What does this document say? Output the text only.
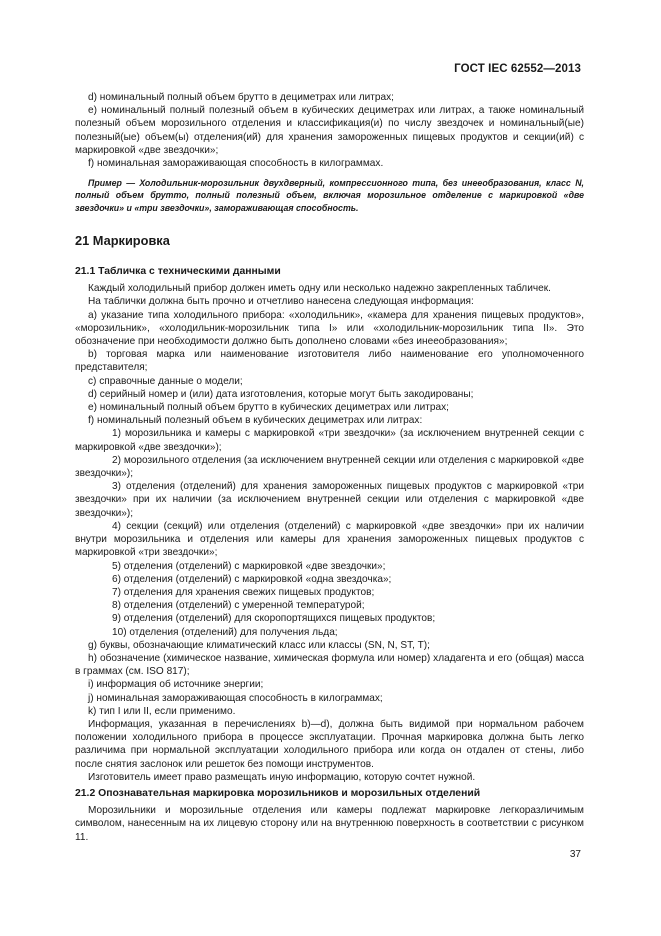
ГОСТ IEC 62552—2013

d) номинальный полный объем брутто в дециметрах или литрах;

e) номинальный полный полезный объем в кубических дециметрах или литрах, а также номинальный полезный объем морозильного отделения и классификация(и) по числу звездочек и номинальный(ые) полезный(ые) объем(ы) отделения(ий) для хранения замороженных пищевых продуктов и секции(ий) с маркировкой «две звездочки»;

f) номинальная замораживающая способность в килограммах.

Пример — Холодильник-морозильник двухдверный, компрессионного типа, без инееобразования, класс N, полный объем брутто, полный полезный объем, включая морозильное отделение с маркировкой «две звездочки» и «три звездочки», замораживающая способность.

21 Маркировка
21.1 Табличка с техническими данными

Каждый холодильный прибор должен иметь одну или несколько надежно закрепленных табличек.

На таблички должна быть прочно и отчетливо нанесена следующая информация:

a) указание типа холодильного прибора: «холодильник», «камера для хранения пищевых продуктов», «морозильник», «холодильник-морозильник типа I» или «холодильник-морозильник типа II». Это обозначение при необходимости должно быть дополнено словами «без инееобразования»;

b) торговая марка или наименование изготовителя либо наименование его уполномоченного представителя;

c) справочные данные о модели;

d) серийный номер и (или) дата изготовления, которые могут быть закодированы;

e) номинальный полный объем брутто в кубических дециметрах или литрах;

f) номинальный полезный объем в кубических дециметрах или литрах:

1) морозильника и камеры с маркировкой «три звездочки» (за исключением внутренней секции с маркировкой «две звездочки»);

2) морозильного отделения (за исключением внутренней секции или отделения с маркировкой «две звездочки»);

3) отделения (отделений) для хранения замороженных пищевых продуктов с маркировкой «три звездочки» при их наличии (за исключением внутренней секции или отделения с маркировкой «две звездочки»);

4) секции (секций) или отделения (отделений) с маркировкой «две звездочки» при их наличии внутри морозильника и отделения или камеры для хранения замороженных пищевых продуктов с маркировкой «три звездочки»;

5) отделения (отделений) с маркировкой «две звездочки»;

6) отделения (отделений) с маркировкой «одна звездочка»;

7) отделения для хранения свежих пищевых продуктов;

8) отделения (отделений) с умеренной температурой;

9) отделения (отделений) для скоропортящихся пищевых продуктов;

10) отделения (отделений) для получения льда;

g) буквы, обозначающие климатический класс или классы (SN, N, ST, T);

h) обозначение (химическое название, химическая формула или номер) хладагента и его (общая) масса в граммах (см. ISO 817);

i) информация об источнике энергии;

j) номинальная замораживающая способность в килограммах;

k) тип I или II, если применимо.

Информация, указанная в перечислениях b)—d), должна быть видимой при нормальном рабочем положении холодильного прибора в процессе эксплуатации. Прочная маркировка должна быть легко различима при нормальной эксплуатации холодильного прибора или когда он отдален от стены, либо после снятия заслонок или решеток без помощи инструментов.

Изготовитель имеет право размещать иную информацию, которую сочтет нужной.

21.2 Опознавательная маркировка морозильников и морозильных отделений

Морозильники и морозильные отделения или камеры подлежат маркировке легкоразличимым символом, нанесенным на их лицевую сторону или на внутреннюю поверхность в соответствии с рисунком 11.

37
